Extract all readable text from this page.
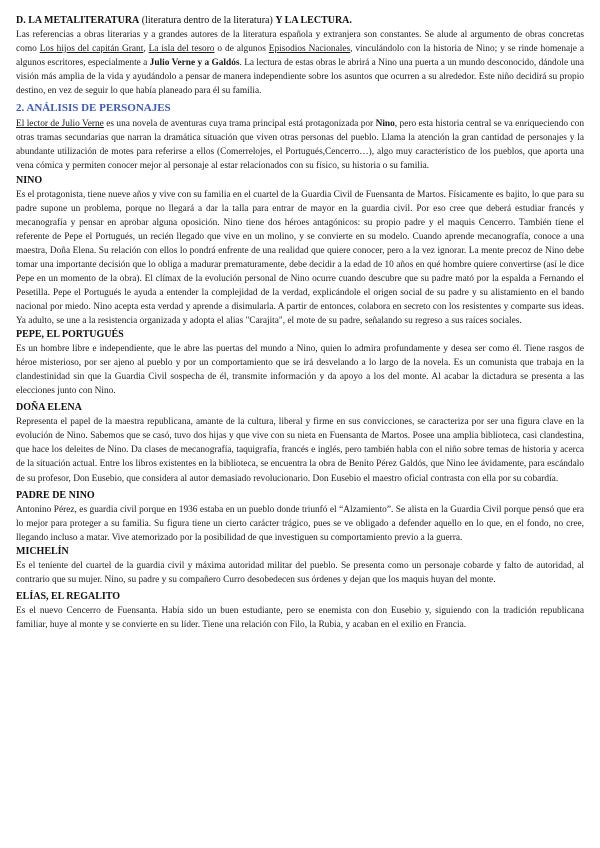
D. LA METALITERATURA (literatura dentro de la literatura) Y LA LECTURA.

Las referencias a obras literarias y a grandes autores de la literatura española y extranjera son constantes. Se alude al argumento de obras concretas como Los hijos del capitán Grant, La isla del tesoro o de algunos Episodios Nacionales, vinculándolo con la historia de Nino; y se rinde homenaje a algunos escritores, especialmente a Julio Verne y a Galdós. La lectura de estas obras le abrirá a Nino una puerta a un mundo desconocido, dándole una visión más amplia de la vida y ayudándolo a pensar de manera independiente sobre los asuntos que ocurren a su alrededor. Este niño decidirá su propio destino, en vez de seguir lo que había planeado para él su familia.

2. ANÁLISIS DE PERSONAJES

El lector de Julio Verne es una novela de aventuras cuya trama principal está protagonizada por Nino, pero esta historia central se va enriqueciendo con otras tramas secundarias que narran la dramática situación que viven otras personas del pueblo. Llama la atención la gran cantidad de personajes y la abundante utilización de motes para referirse a ellos (Comerrelojes, el Portugués,Cencerro…), algo muy característico de los pueblos, que aporta una vena cómica y permiten conocer mejor al personaje al estar relacionados con su físico, su historia o su familia.

NINO

Es el protagonista, tiene nueve años y vive con su familia en el cuartel de la Guardia Civil de Fuensanta de Martos. Físicamente es bajito, lo que para su padre supone un problema, porque no llegará a dar la talla para entrar de mayor en la guardia civil. Por eso cree que deberá estudiar francés y mecanografía y pensar en aprobar alguna oposición. Nino tiene dos héroes antagónicos: su propio padre y el maquis Cencerro. También tiene el referente de Pepe el Portugués, un recién llegado que vive en un molino, y se convierte en su modelo. Cuando aprende mecanografía, conoce a una maestra, Doña Elena. Su relación con ellos lo pondrá enfrente de una realidad que quiere conocer, pero a la vez ignorar. La mente precoz de Nino debe tomar una importante decisión que lo obliga a madurar prematuramente, debe decidir a la edad de 10 años en qué hombre quiere convertirse (así le dice Pepe en un momento de la obra). El clímax de la evolución personal de Nino ocurre cuando descubre que su padre mató por la espalda a Fernando el Pesetilla. Pepe el Portugués le ayuda a entender la complejidad de la verdad, explicándole el origen social de su padre y su alistamiento en el bando nacional por miedo. Nino acepta esta verdad y aprende a disimularla. A partir de entonces, colabora en secreto con los resistentes y comparte sus ideas. Ya adulto, se une a la resistencia organizada y adopta el alias "Carajita", el mote de su padre, señalando su regreso a sus raíces sociales.

PEPE, EL PORTUGUÉS

Es un hombre libre e independiente, que le abre las puertas del mundo a Nino, quien lo admira profundamente y desea ser como él. Tiene rasgos de héroe misterioso, por ser ajeno al pueblo y por un comportamiento que se irá desvelando a lo largo de la novela. Es un comunista que trabaja en la clandestinidad sin que la Guardia Civil sospecha de él, transmite información y da apoyo a los del monte. Al acabar la dictadura se presenta a las elecciones junto con Nino.

DOÑA ELENA

Representa el papel de la maestra republicana, amante de la cultura, liberal y firme en sus convicciones, se caracteriza por ser una figura clave en la evolución de Nino. Sabemos que se casó, tuvo dos hijas y que vive con su nieta en Fuensanta de Martos. Posee una amplia biblioteca, casi clandestina, que hace los deleites de Nino. Da clases de mecanografía, taquigrafía, francés e inglés, pero también habla con el niño sobre temas de historia y acerca de la situación actual. Entre los libros existentes en la biblioteca, se encuentra la obra de Benito Pérez Galdós, que Nino lee ávidamente, para escándalo de su profesor, Don Eusebio, que considera al autor demasiado revolucionario. Don Eusebio el maestro oficial contrasta con ella por su cobardía.

PADRE DE NINO

Antonino Pérez, es guardia civil porque en 1936 estaba en un pueblo donde triunfó el “Alzamiento”. Se alista en la Guardia Civil porque pensó que era lo mejor para proteger a su familia. Su figura tiene un cierto carácter trágico, pues se ve obligado a defender aquello en lo que, en el fondo, no cree, llegando incluso a matar. Vive atemorizado por la posibilidad de que investiguen su comportamiento previo a la guerra.

MICHELÍN

Es el teniente del cuartel de la guardia civil y máxima autoridad militar del pueblo. Se presenta como un personaje cobarde y falto de autoridad, al contrario que su mujer. Nino, su padre y su compañero Curro desobedecen sus órdenes y dejan que los maquis huyan del monte.

ELÍAS, EL REGALITO

Es el nuevo Cencerro de Fuensanta. Había sido un buen estudiante, pero se enemista con don Eusebio y, siguiendo con la tradición republicana familiar, huye al monte y se convierte en su líder. Tiene una relación con Filo, la Rubia, y acaban en el exilio en Francia.
